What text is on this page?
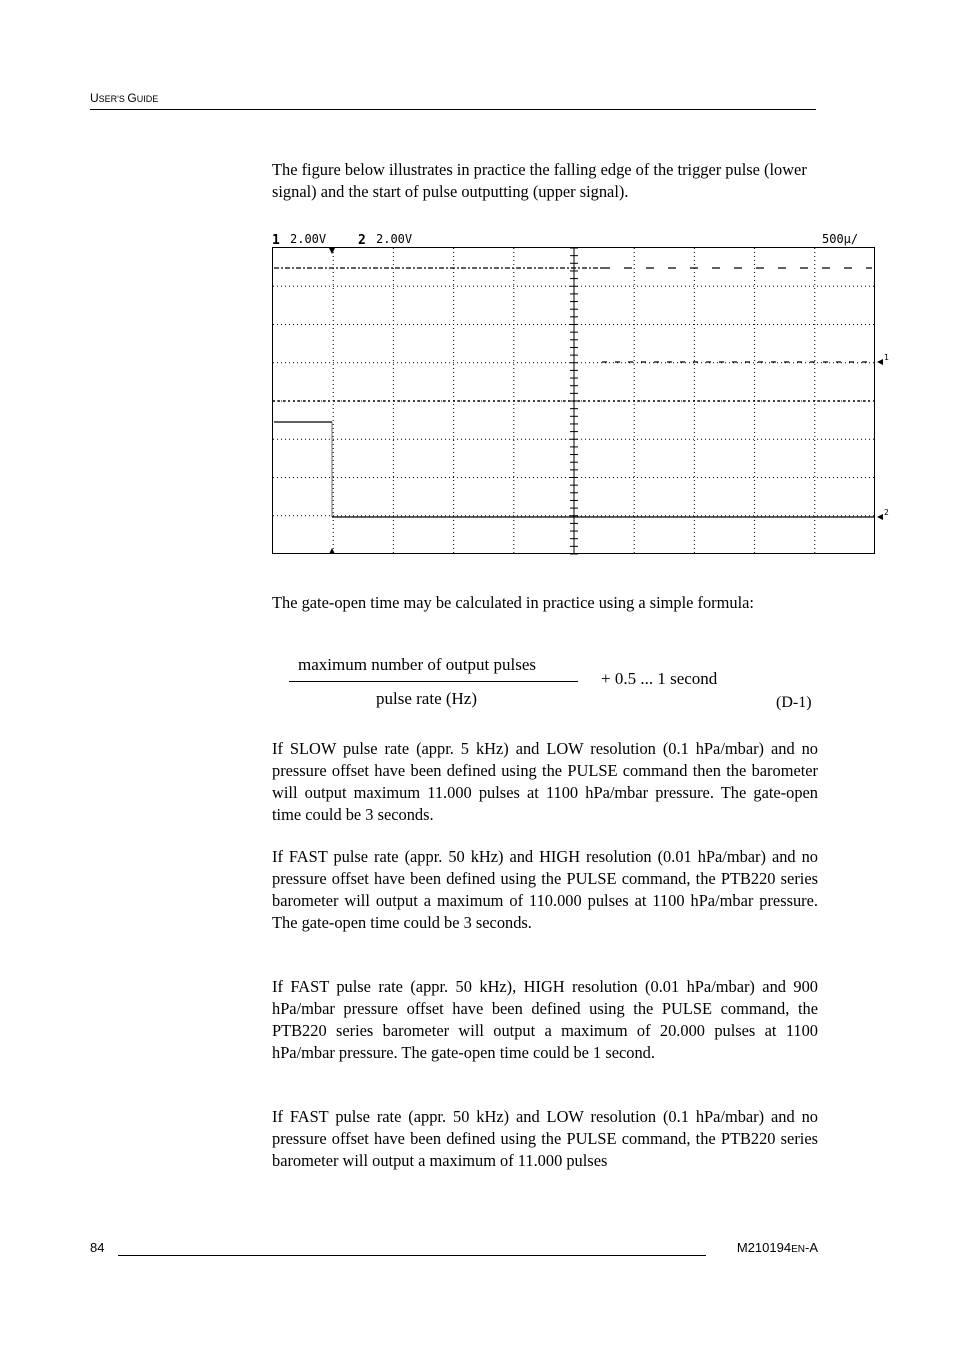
USER'S GUIDE
The figure below illustrates in practice the falling edge of the trigger pulse (lower signal) and the start of pulse outputting (upper signal).
1 2.00V 2 2.00V	500µ/
1
2
The gate-open time may be calculated in practice using a simple formula:
maximum number of output pulses
pulse rate (Hz)
+ 0.5 ... 1 second
(D-1)
If SLOW pulse rate (appr. 5 kHz) and LOW resolution (0.1 hPa/mbar) and no pressure offset have been defined using the PULSE command then the barometer will output maximum 11.000 pulses at 1100 hPa/mbar pressure. The gate-open time could be 3 seconds.
If FAST pulse rate (appr. 50 kHz) and HIGH resolution (0.01 hPa/mbar) and no pressure offset have been defined using the PULSE command, the PTB220 series barometer will output a maximum of 110.000 pulses at 1100 hPa/mbar pressure. The gate-open time could be 3 seconds.
If FAST pulse rate (appr. 50 kHz), HIGH resolution (0.01 hPa/mbar) and 900 hPa/mbar pressure offset have been defined using the PULSE command, the PTB220 series barometer will output a maximum of 20.000 pulses at 1100 hPa/mbar pressure. The gate-open time could be 1 second.
If FAST pulse rate (appr. 50 kHz) and LOW resolution (0.1 hPa/mbar) and no pressure offset have been defined using the PULSE command, the PTB220 series barometer will output a maximum of 11.000 pulses
84	M210194EN-A
